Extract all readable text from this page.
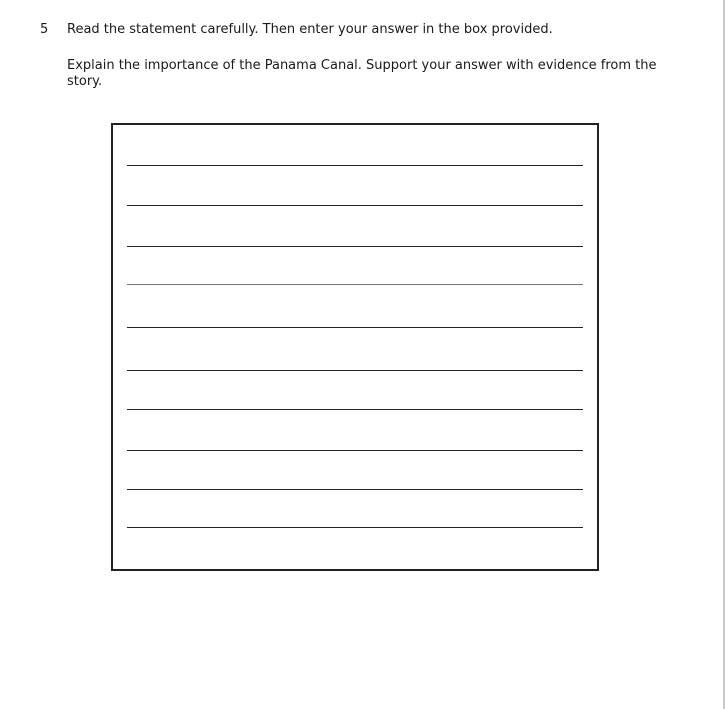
5 Read the statement carefully. Then enter your answer in the box provided.
Explain the importance of the Panama Canal. Support your answer with evidence from the story.
